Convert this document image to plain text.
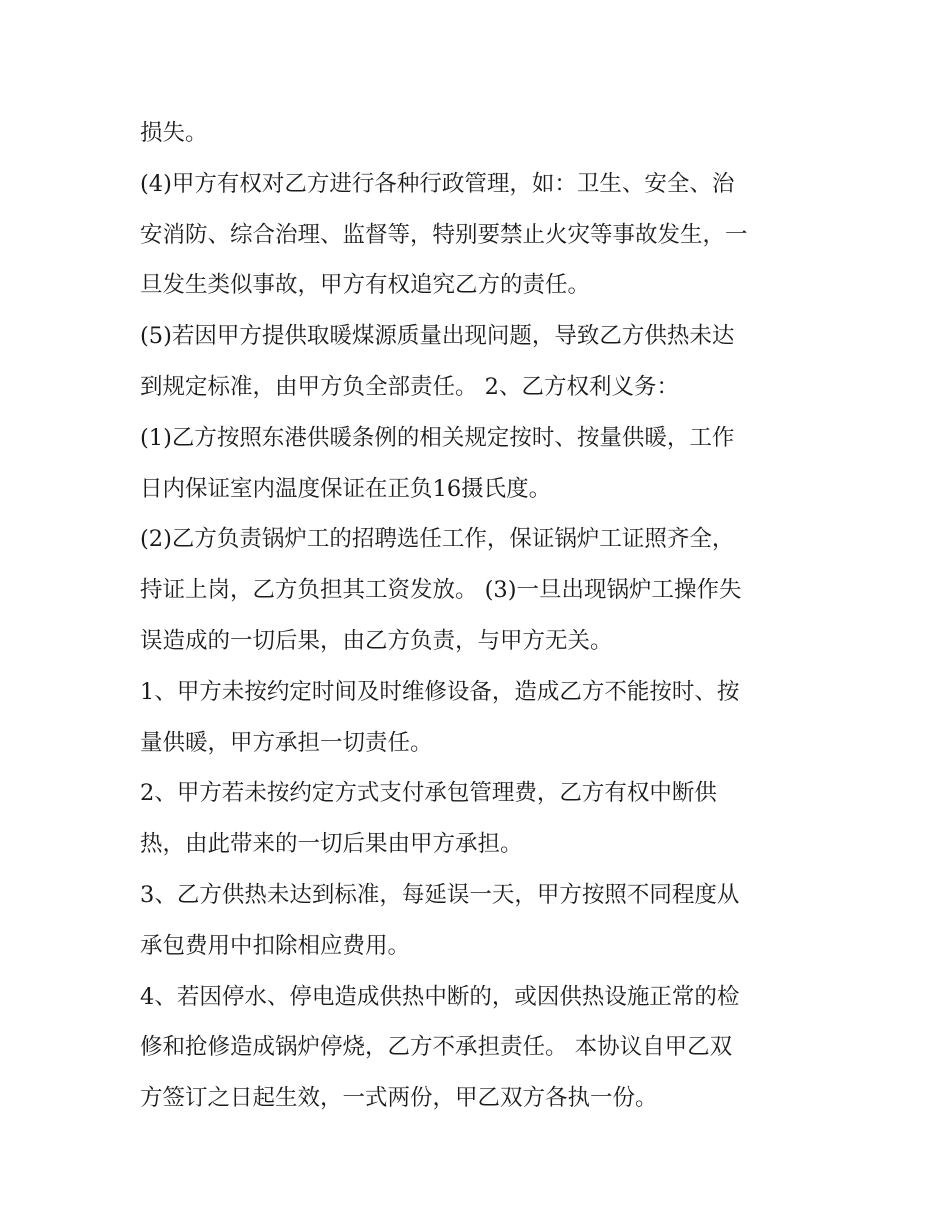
损失。
(4)甲方有权对乙方进行各种行政管理，如：卫生、安全、治
安消防、综合治理、监督等，特别要禁止火灾等事故发生，一
旦发生类似事故，甲方有权追究乙方的责任。
(5)若因甲方提供取暖煤源质量出现问题，导致乙方供热未达
到规定标准，由甲方负全部责任。 2、乙方权利义务：
(1)乙方按照东港供暖条例的相关规定按时、按量供暖，工作
日内保证室内温度保证在正负16摄氏度。
(2)乙方负责锅炉工的招聘选任工作，保证锅炉工证照齐全，
持证上岗，乙方负担其工资发放。 (3)一旦出现锅炉工操作失
误造成的一切后果，由乙方负责，与甲方无关。
1、甲方未按约定时间及时维修设备，造成乙方不能按时、按
量供暖，甲方承担一切责任。
2、甲方若未按约定方式支付承包管理费，乙方有权中断供
热，由此带来的一切后果由甲方承担。
3、乙方供热未达到标准，每延误一天，甲方按照不同程度从
承包费用中扣除相应费用。
4、若因停水、停电造成供热中断的，或因供热设施正常的检
修和抢修造成锅炉停烧，乙方不承担责任。 本协议自甲乙双
方签订之日起生效，一式两份，甲乙双方各执一份。
